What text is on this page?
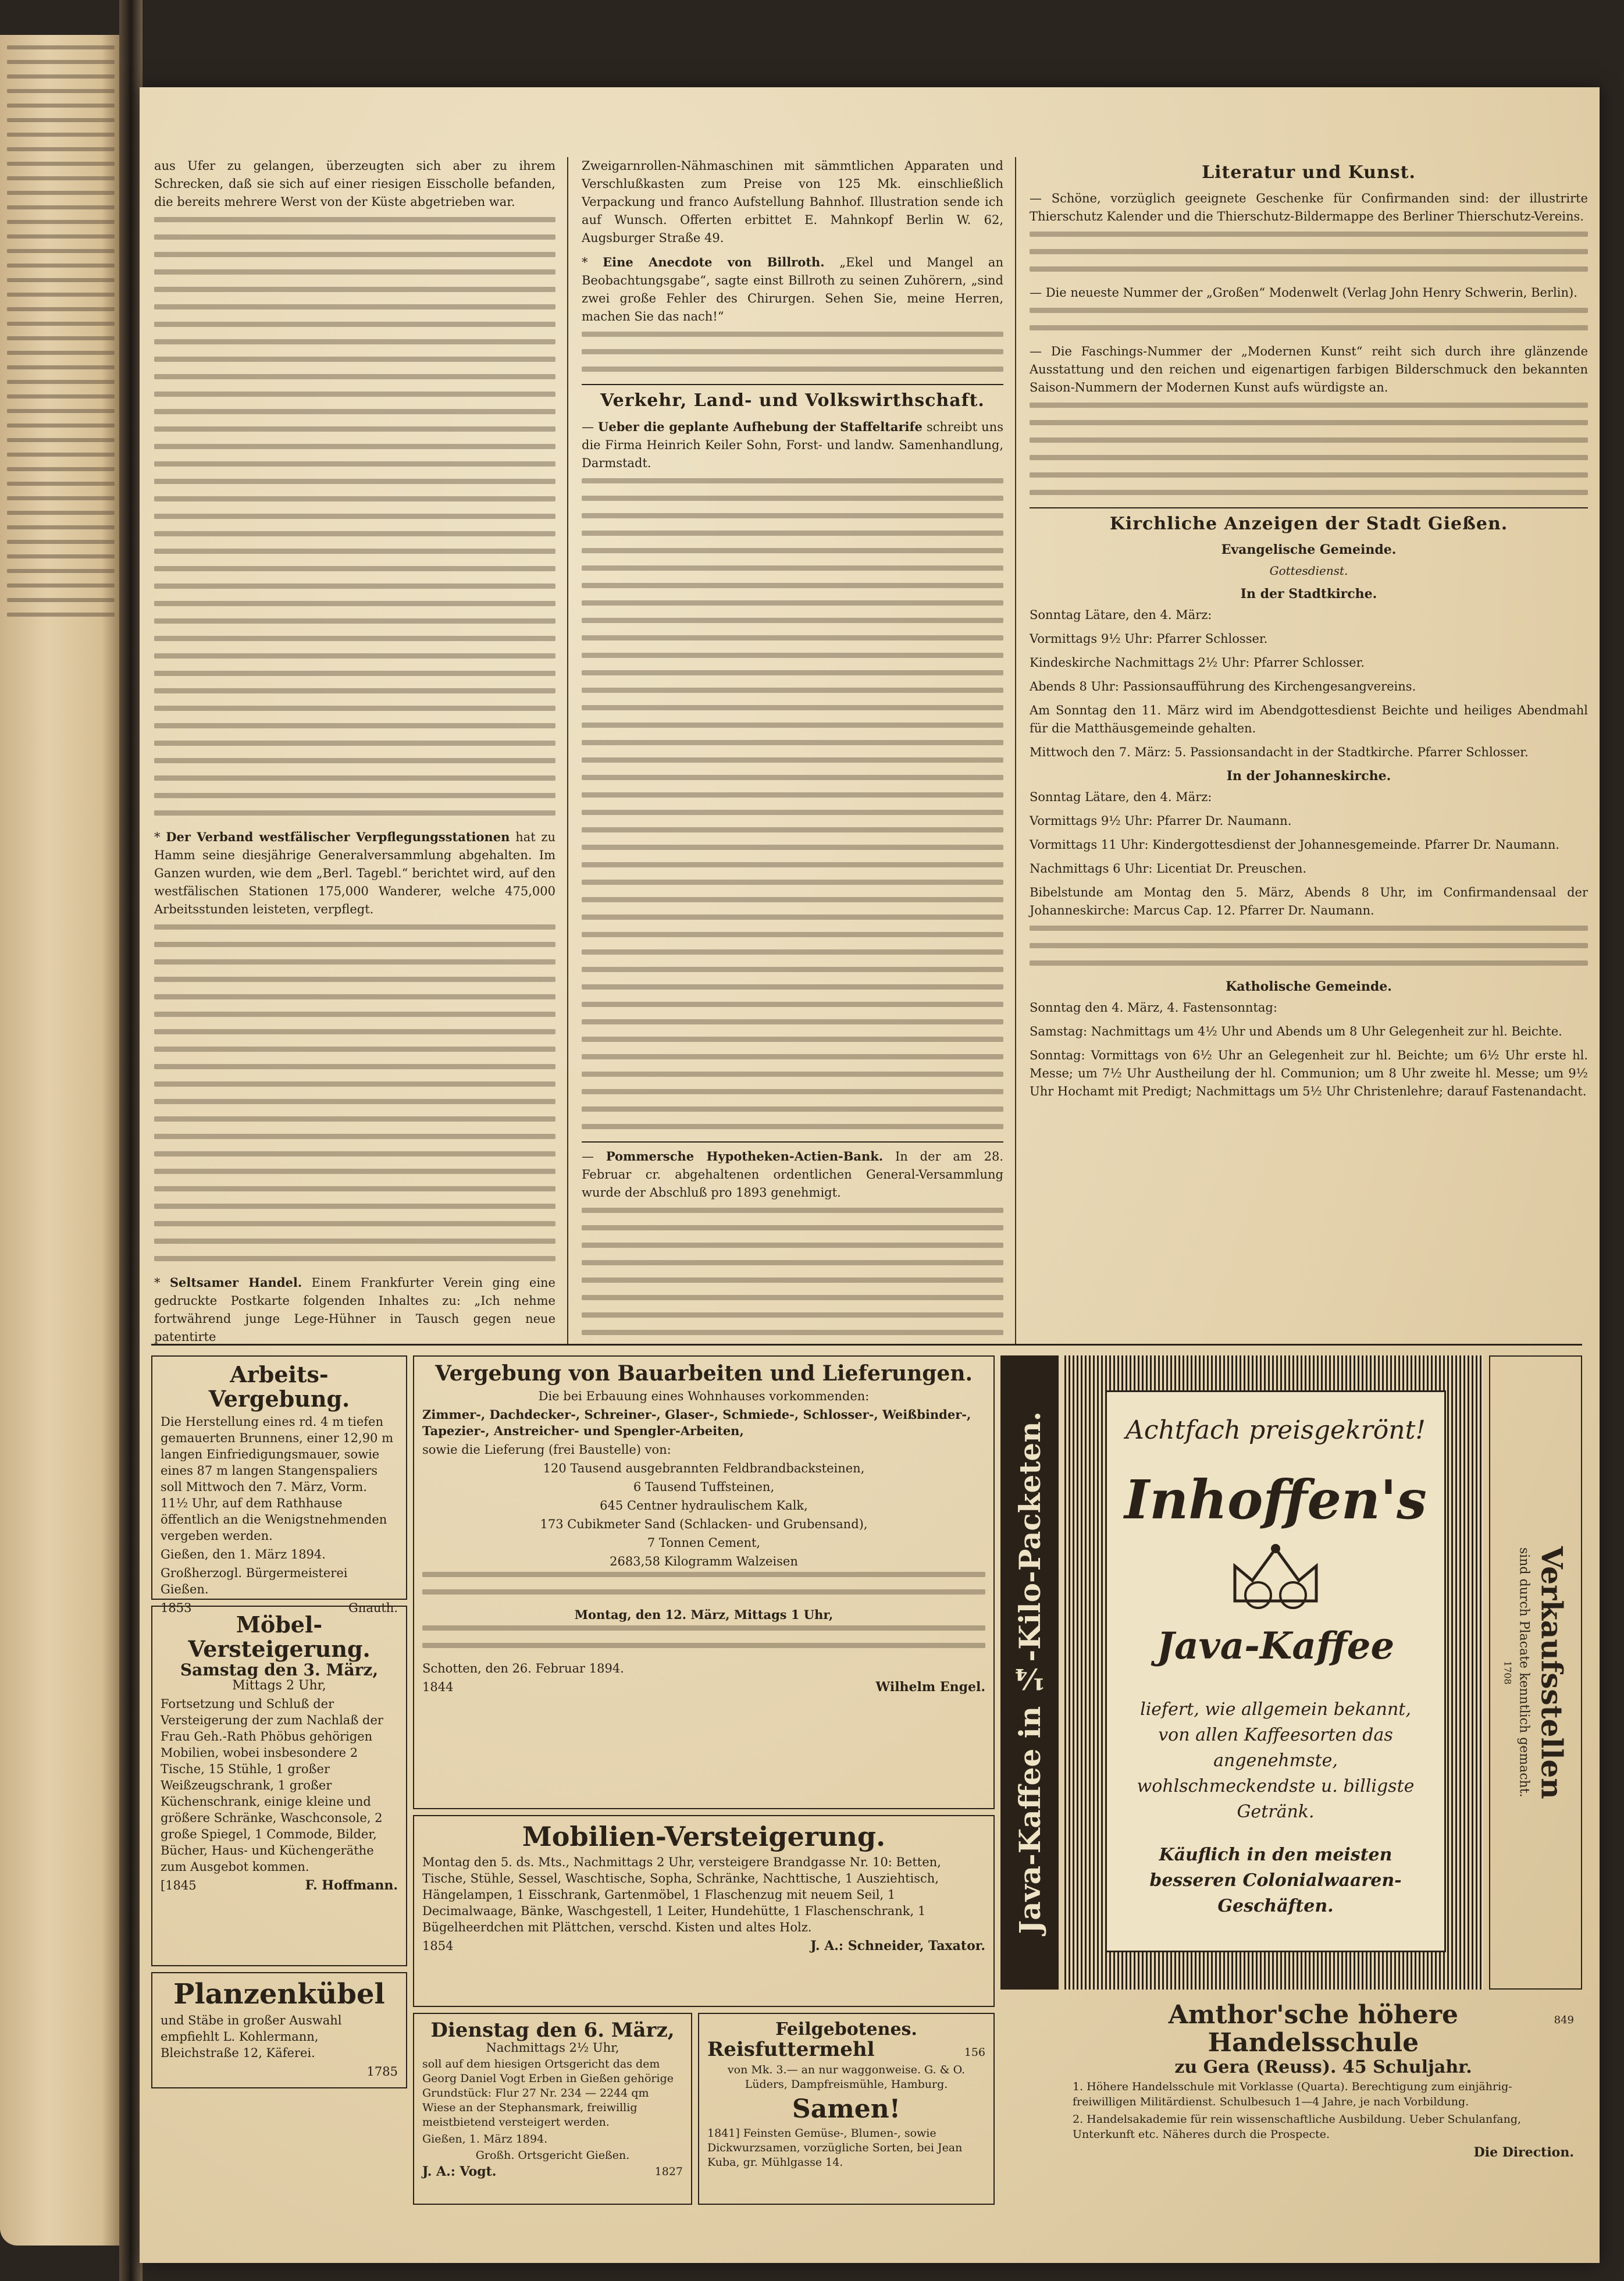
aus Ufer zu gelangen, überzeugten sich aber zu ihrem Schrecken, daß sie sich auf einer riesigen Eisscholle befanden, die bereits mehrere Werst von der Küste abgetrieben war.

* Der Verband westfälischer Verpflegungsstationen hat zu Hamm seine diesjährige Generalversammlung abgehalten. Im Ganzen wurden, wie dem „Berl. Tagebl.“ berichtet wird, auf den westfälischen Stationen 175,000 Wanderer, welche 475,000 Arbeitsstunden leisteten, verpflegt.

* Seltsamer Handel. Einem Frankfurter Verein ging eine gedruckte Postkarte folgenden Inhaltes zu: „Ich nehme fortwährend junge Lege-Hühner in Tausch gegen neue patentirte

Zweigarnrollen-Nähmaschinen mit sämmtlichen Apparaten und Verschlußkasten zum Preise von 125 Mk. einschließlich Verpackung und franco Aufstellung Bahnhof. Illustration sende ich auf Wunsch. Offerten erbittet E. Mahnkopf Berlin W. 62, Augsburger Straße 49.

* Eine Anecdote von Billroth. „Ekel und Mangel an Beobachtungsgabe“, sagte einst Billroth zu seinen Zuhörern, „sind zwei große Fehler des Chirurgen. Sehen Sie, meine Herren, machen Sie das nach!“

Verkehr, Land- und Volkswirthschaft.

— Ueber die geplante Aufhebung der Staffeltarife schreibt uns die Firma Heinrich Keiler Sohn, Forst- und landw. Samenhandlung, Darmstadt.

— Pommersche Hypotheken-Actien-Bank. In der am 28. Februar cr. abgehaltenen ordentlichen General-Versammlung wurde der Abschluß pro 1893 genehmigt.

Literatur und Kunst.

— Schöne, vorzüglich geeignete Geschenke für Confirmanden sind: der illustrirte Thierschutz Kalender und die Thierschutz-Bildermappe des Berliner Thierschutz-Vereins.

— Die neueste Nummer der „Großen“ Modenwelt (Verlag John Henry Schwerin, Berlin).

— Die Faschings-Nummer der „Modernen Kunst“ reiht sich durch ihre glänzende Ausstattung und den reichen und eigenartigen farbigen Bilderschmuck den bekannten Saison-Nummern der Modernen Kunst aufs würdigste an.

Kirchliche Anzeigen der Stadt Gießen.
Evangelische Gemeinde.
Gottesdienst.
In der Stadtkirche.

Sonntag Lätare, den 4. März:

Vormittags 9½ Uhr: Pfarrer Schlosser.

Kindeskirche Nachmittags 2½ Uhr: Pfarrer Schlosser.

Abends 8 Uhr: Passionsaufführung des Kirchengesangvereins.

Am Sonntag den 11. März wird im Abendgottesdienst Beichte und heiliges Abendmahl für die Matthäusgemeinde gehalten.

Mittwoch den 7. März: 5. Passionsandacht in der Stadtkirche. Pfarrer Schlosser.

In der Johanneskirche.

Sonntag Lätare, den 4. März:

Vormittags 9½ Uhr: Pfarrer Dr. Naumann.

Vormittags 11 Uhr: Kindergottesdienst der Johannesgemeinde. Pfarrer Dr. Naumann.

Nachmittags 6 Uhr: Licentiat Dr. Preuschen.

Bibelstunde am Montag den 5. März, Abends 8 Uhr, im Confirmandensaal der Johanneskirche: Marcus Cap. 12. Pfarrer Dr. Naumann.

Katholische Gemeinde.

Sonntag den 4. März, 4. Fastensonntag:

Samstag: Nachmittags um 4½ Uhr und Abends um 8 Uhr Gelegenheit zur hl. Beichte.

Sonntag: Vormittags von 6½ Uhr an Gelegenheit zur hl. Beichte; um 6½ Uhr erste hl. Messe; um 7½ Uhr Austheilung der hl. Communion; um 8 Uhr zweite hl. Messe; um 9½ Uhr Hochamt mit Predigt; Nachmittags um 5½ Uhr Christenlehre; darauf Fastenandacht.

Arbeits-Vergebung.

Die Herstellung eines rd. 4 m tiefen gemauerten Brunnens, einer 12,90 m langen Einfriedigungsmauer, sowie eines 87 m langen Stangenspaliers soll Mittwoch den 7. März, Vorm. 11½ Uhr, auf dem Rathhause öffentlich an die Wenigstnehmenden vergeben werden.

Gießen, den 1. März 1894.

Großherzogl. Bürgermeisterei Gießen.

1853	Gnauth.

Möbel-Versteigerung.
Samstag den 3. März,
Mittags 2 Uhr,

Fortsetzung und Schluß der Versteigerung der zum Nachlaß der Frau Geh.-Rath Phöbus gehörigen Mobilien, wobei insbesondere 2 Tische, 15 Stühle, 1 großer Weißzeugschrank, 1 großer Küchenschrank, einige kleine und größere Schränke, Waschconsole, 2 große Spiegel, 1 Commode, Bilder, Bücher, Haus- und Küchengeräthe zum Ausgebot kommen.

[1845	F. Hoffmann.

Planzenkübel

und Stäbe in großer Auswahl empfiehlt L. Kohlermann, Bleichstraße 12, Käferei.

1785

Vergebung von Bauarbeiten und Lieferungen.

Die bei Erbauung eines Wohnhauses vorkommenden:

Zimmer-, Dachdecker-, Schreiner-, Glaser-, Schmiede-, Schlosser-, Weißbinder-, Tapezier-, Anstreicher- und Spengler-Arbeiten,

sowie die Lieferung (frei Baustelle) von:

120 Tausend ausgebrannten Feldbrandbacksteinen,

6 Tausend Tuffsteinen,

645 Centner hydraulischem Kalk,

173 Cubikmeter Sand (Schlacken- und Grubensand),

7 Tonnen Cement,

2683,58 Kilogramm Walzeisen

Montag, den 12. März, Mittags 1 Uhr,

Schotten, den 26. Februar 1894.

1844	Wilhelm Engel.

Mobilien-Versteigerung.

Montag den 5. ds. Mts., Nachmittags 2 Uhr, versteigere Brandgasse Nr. 10: Betten, Tische, Stühle, Sessel, Waschtische, Sopha, Schränke, Nachttische, 1 Ausziehtisch, Hängelampen, 1 Eisschrank, Gartenmöbel, 1 Flaschenzug mit neuem Seil, 1 Decimalwaage, Bänke, Waschgestell, 1 Leiter, Hundehütte, 1 Flaschenschrank, 1 Bügelheerdchen mit Plättchen, verschd. Kisten und altes Holz.

1854	J. A.: Schneider, Taxator.

Dienstag den 6. März,
Nachmittags 2½ Uhr,

soll auf dem hiesigen Ortsgericht das dem Georg Daniel Vogt Erben in Gießen gehörige Grundstück: Flur 27 Nr. 234 — 2244 qm Wiese an der Stephansmark, freiwillig meistbietend versteigert werden.

Gießen, 1. März 1894.

Großh. Ortsgericht Gießen.

J. A.: Vogt.	1827

Feilgebotenes.
Reisfuttermehl	156

von Mk. 3.— an nur waggonweise. G. & O. Lüders, Dampfreismühle, Hamburg.

Samen!

1841] Feinsten Gemüse-, Blumen-, sowie Dickwurzsamen, vorzügliche Sorten, bei Jean Kuba, gr. Mühlgasse 14.

Java-Kaffee in ¼-Kilo-Packeten.	Achtfach preisgekrönt!
Inhoffen's
Java-Kaffee
liefert, wie allgemein bekannt, von allen Kaffeesorten das angenehmste, wohlschmeckendste u. billigste Getränk.
Käuflich in den meisten besseren Colonialwaaren-Geschäften.
Verkaufsstellen
sind durch Placate kenntlich gemacht.
1708
Amthor'sche höhere Handelsschule
849
zu Gera (Reuss). 45 Schuljahr.

1. Höhere Handelsschule mit Vorklasse (Quarta). Berechtigung zum einjährig-freiwilligen Militärdienst. Schulbesuch 1—4 Jahre, je nach Vorbildung.

2. Handelsakademie für rein wissenschaftliche Ausbildung. Ueber Schulanfang, Unterkunft etc. Näheres durch die Prospecte.

Die Direction.
